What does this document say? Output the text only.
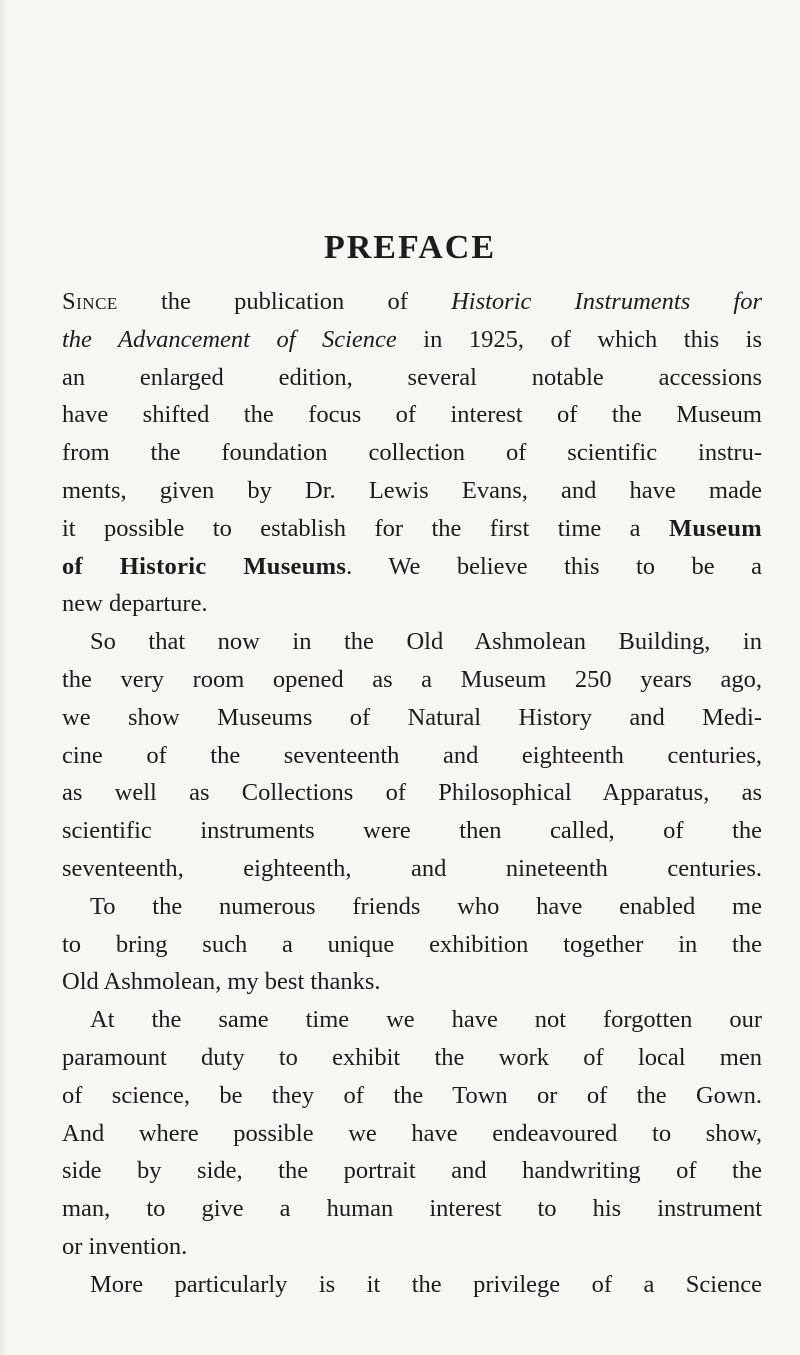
PREFACE
Since the publication of Historic Instruments for
the Advancement of Science in 1925, of which this is
an enlarged edition, several notable accessions
have shifted the focus of interest of the Museum
from the foundation collection of scientific instru-
ments, given by Dr. Lewis Evans, and have made
it possible to establish for the first time a Museum
of Historic Museums. We believe this to be a
new departure.
So that now in the Old Ashmolean Building, in
the very room opened as a Museum 250 years ago,
we show Museums of Natural History and Medi-
cine of the seventeenth and eighteenth centuries,
as well as Collections of Philosophical Apparatus, as
scientific instruments were then called, of the
seventeenth, eighteenth, and nineteenth centuries.
To the numerous friends who have enabled me
to bring such a unique exhibition together in the
Old Ashmolean, my best thanks.
At the same time we have not forgotten our
paramount duty to exhibit the work of local men
of science, be they of the Town or of the Gown.
And where possible we have endeavoured to show,
side by side, the portrait and handwriting of the
man, to give a human interest to his instrument
or invention.
More particularly is it the privilege of a Science
